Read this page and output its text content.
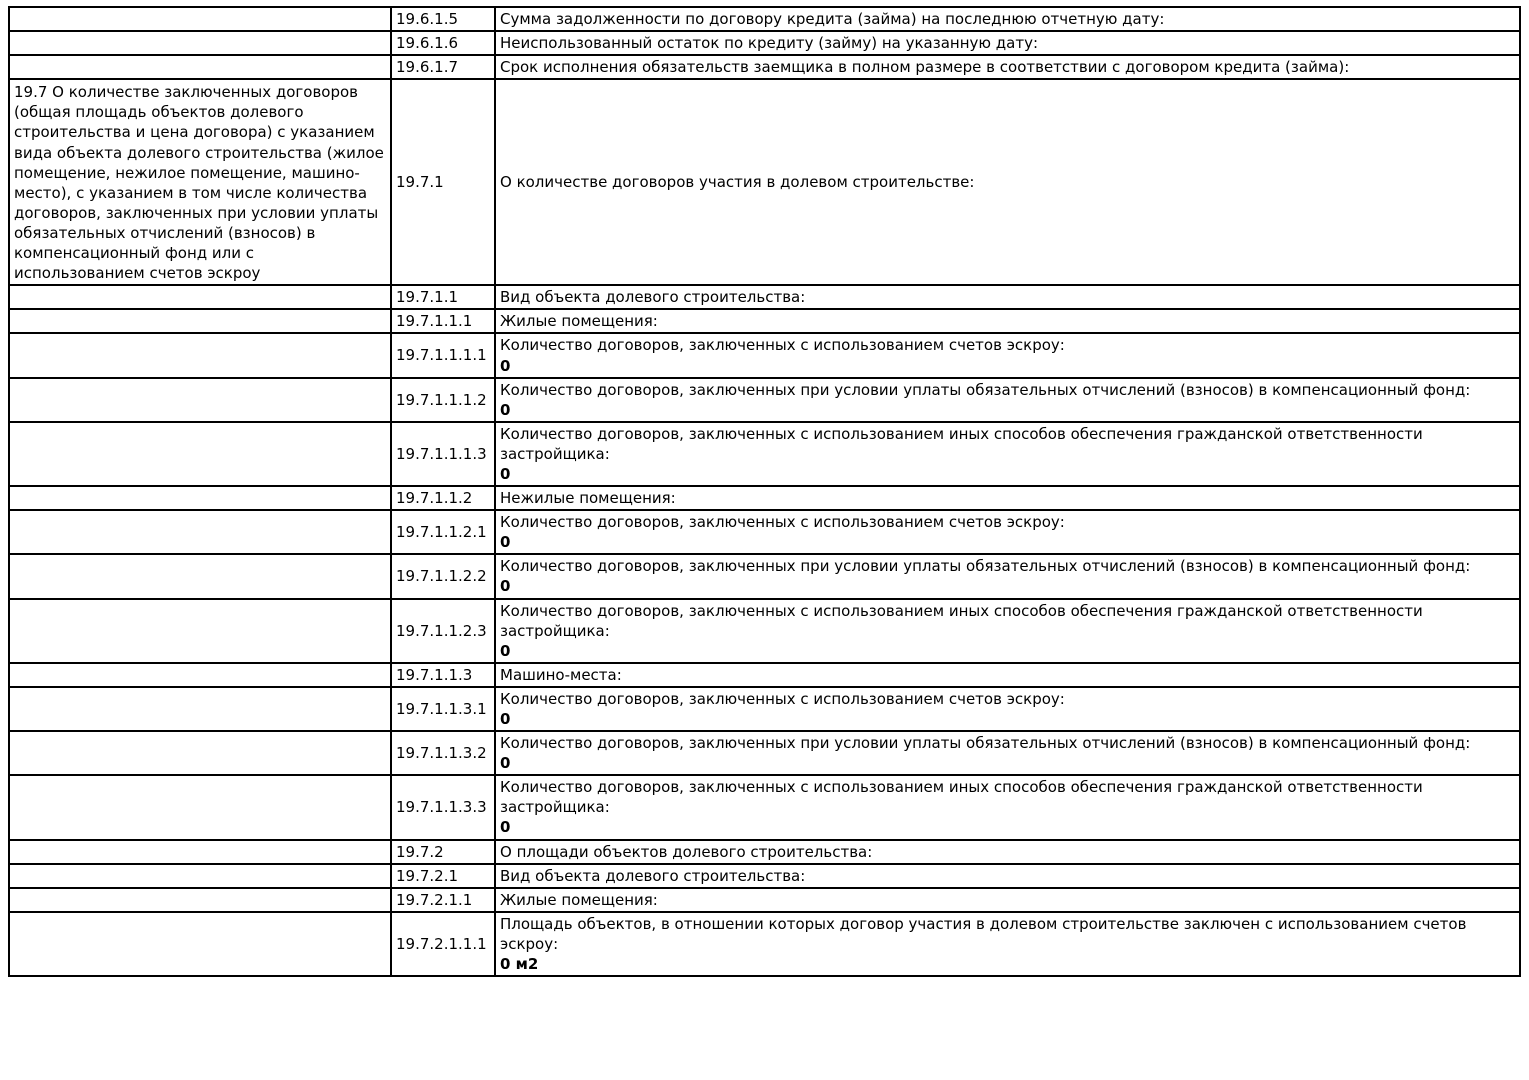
	19.6.1.5	Сумма задолженности по договору кредита (займа) на последнюю отчетную дату:

	19.6.1.6	Неиспользованный остаток по кредиту (займу) на указанную дату:

	19.6.1.7	Срок исполнения обязательств заемщика в полном размере в соответствии с договором кредита (займа):

19.7 О количестве заключенных договоров (общая площадь объектов долевого строительства и цена договора) с указанием вида объекта долевого строительства (жилое помещение, нежилое помещение, машино-место), с указанием в том числе количества договоров, заключенных при условии уплаты обязательных отчислений (взносов) в компенсационный фонд или с использованием счетов эскроу	19.7.1	О количестве договоров участия в долевом строительстве:

	19.7.1.1	Вид объекта долевого строительства:

	19.7.1.1.1	Жилые помещения:

	19.7.1.1.1.1	Количество договоров, заключенных с использованием счетов эскроу:
0

	19.7.1.1.1.2	Количество договоров, заключенных при условии уплаты обязательных отчислений (взносов) в компенсационный фонд:
0

	19.7.1.1.1.3	Количество договоров, заключенных с использованием иных способов обеспечения гражданской ответственности застройщика:
0

	19.7.1.1.2	Нежилые помещения:

	19.7.1.1.2.1	Количество договоров, заключенных с использованием счетов эскроу:
0

	19.7.1.1.2.2	Количество договоров, заключенных при условии уплаты обязательных отчислений (взносов) в компенсационный фонд:
0

	19.7.1.1.2.3	Количество договоров, заключенных с использованием иных способов обеспечения гражданской ответственности застройщика:
0

	19.7.1.1.3	Машино-места:

	19.7.1.1.3.1	Количество договоров, заключенных с использованием счетов эскроу:
0

	19.7.1.1.3.2	Количество договоров, заключенных при условии уплаты обязательных отчислений (взносов) в компенсационный фонд:
0

	19.7.1.1.3.3	Количество договоров, заключенных с использованием иных способов обеспечения гражданской ответственности застройщика:
0

	19.7.2	О площади объектов долевого строительства:

	19.7.2.1	Вид объекта долевого строительства:

	19.7.2.1.1	Жилые помещения:

	19.7.2.1.1.1	Площадь объектов, в отношении которых договор участия в долевом строительстве заключен с использованием счетов эскроу:
0 м2
